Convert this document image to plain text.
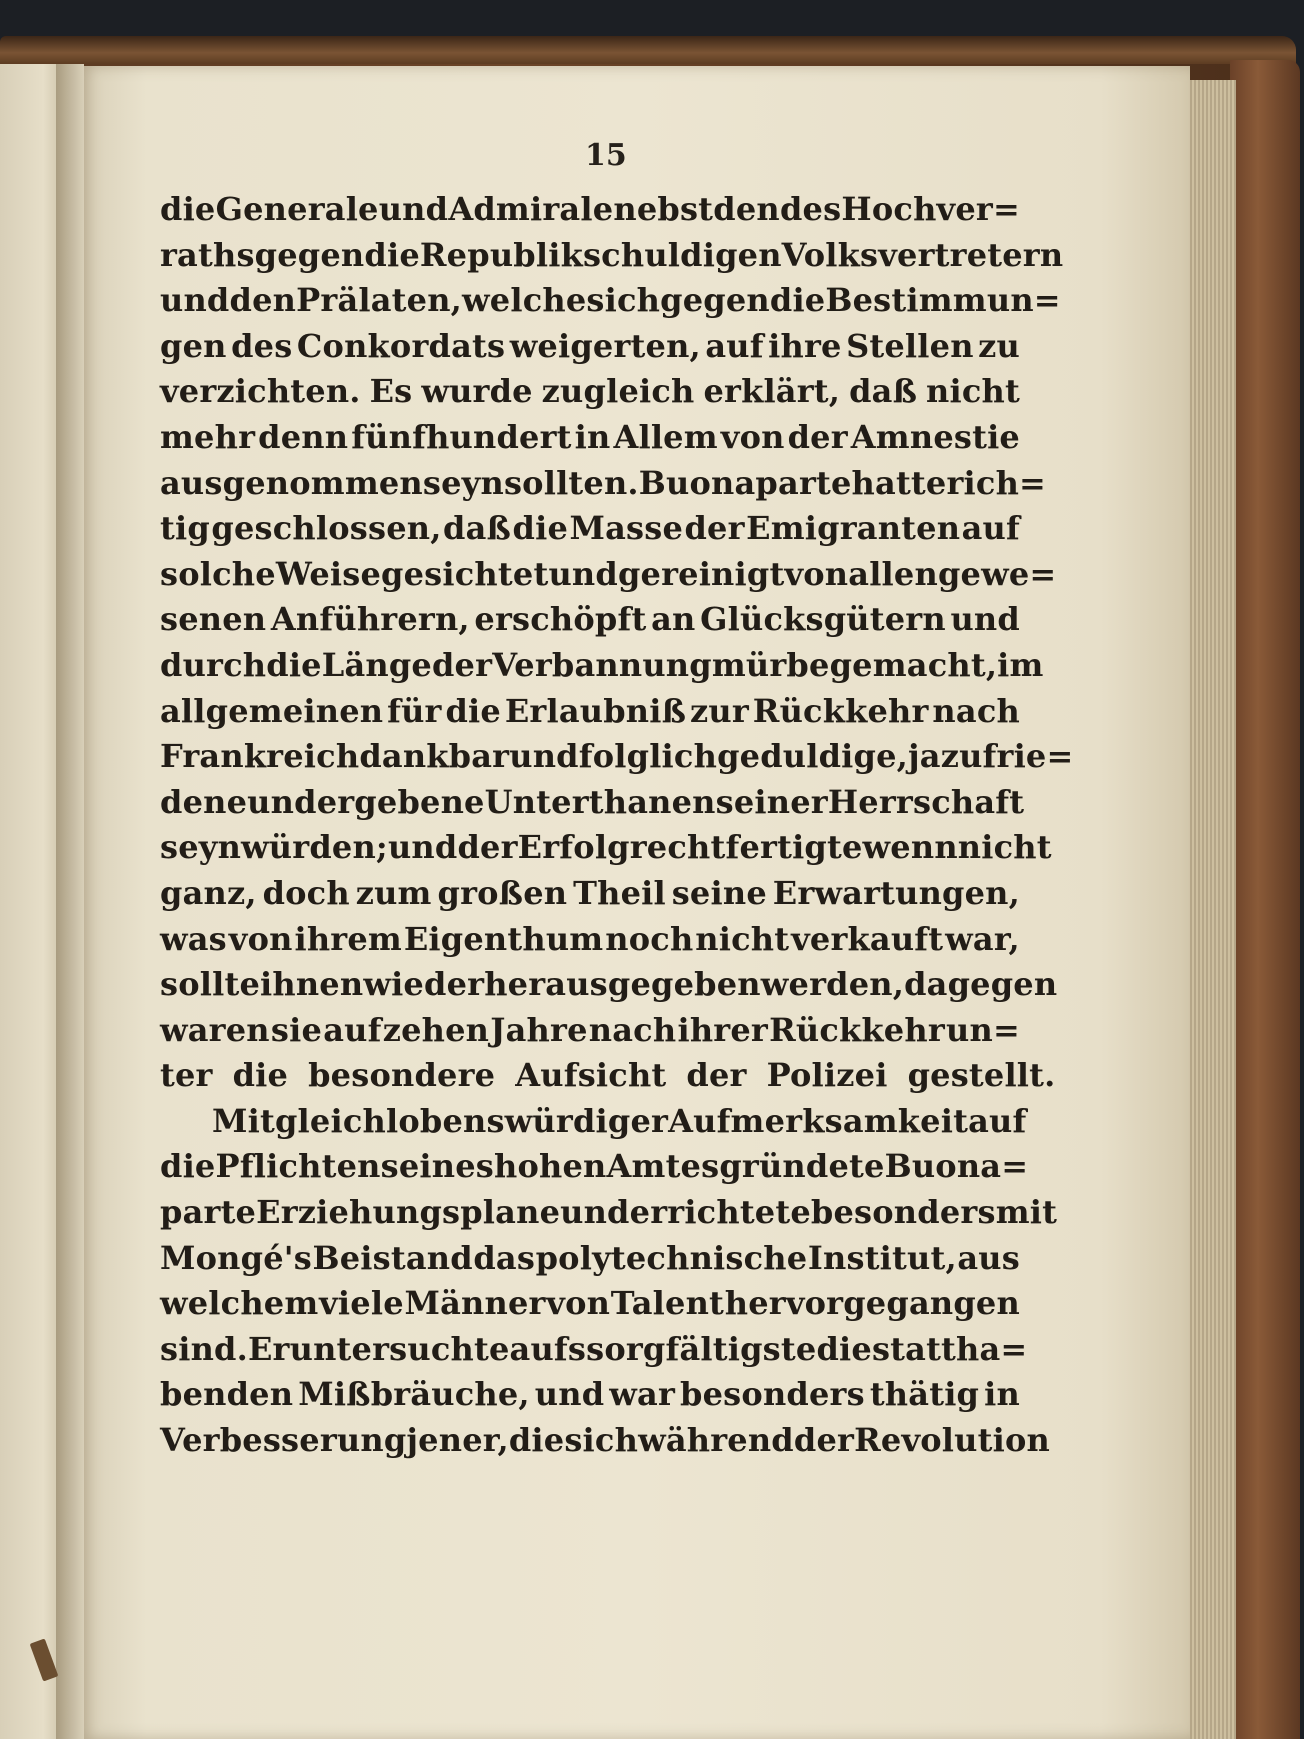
15
die Generale und Admirale nebst den des Hochver=
raths gegen die Republik schuldigen Volksvertretern
und den Prälaten, welche sich gegen die Bestimmun=
gen des Conkordats weigerten, auf ihre Stellen zu
verzichten. Es wurde zugleich erklärt, daß nicht
mehr denn fünfhundert in Allem von der Amnestie
ausgenommen seyn sollten. Buonaparte hatte rich=
tig geschlossen, daß die Masse der Emigranten auf
solche Weise gesichtet und gereinigt von allen gewe=
senen Anführern, erschöpft an Glücksgütern und
durch die Länge der Verbannung mürbe gemacht, im
allgemeinen für die Erlaubniß zur Rückkehr nach
Frankreich dankbar und folglich geduldige, ja zufrie=
dene und ergebene Unterthanen seiner Herrschaft
seyn würden; und der Erfolg rechtfertigte wenn nicht
ganz, doch zum großen Theil seine Erwartungen,
was von ihrem Eigenthum noch nicht verkauft war,
sollte ihnen wieder herausgegeben werden, dagegen
waren sie auf zehen Jahre nach ihrer Rückkehr un=
ter die besondere Aufsicht der Polizei gestellt.
Mit gleich lobenswürdiger Aufmerksamkeit auf
die Pflichten seines hohen Amtes gründete Buona=
parte Erziehungsplane und errichtete besonders mit
Mongé's Beistand das polytechnische Institut, aus
welchem viele Männer von Talent hervorgegangen
sind. Er untersuchte aufs sorgfältigste die stattha=
benden Mißbräuche, und war besonders thätig in
Verbesserung jener, die sich während der Revolution
